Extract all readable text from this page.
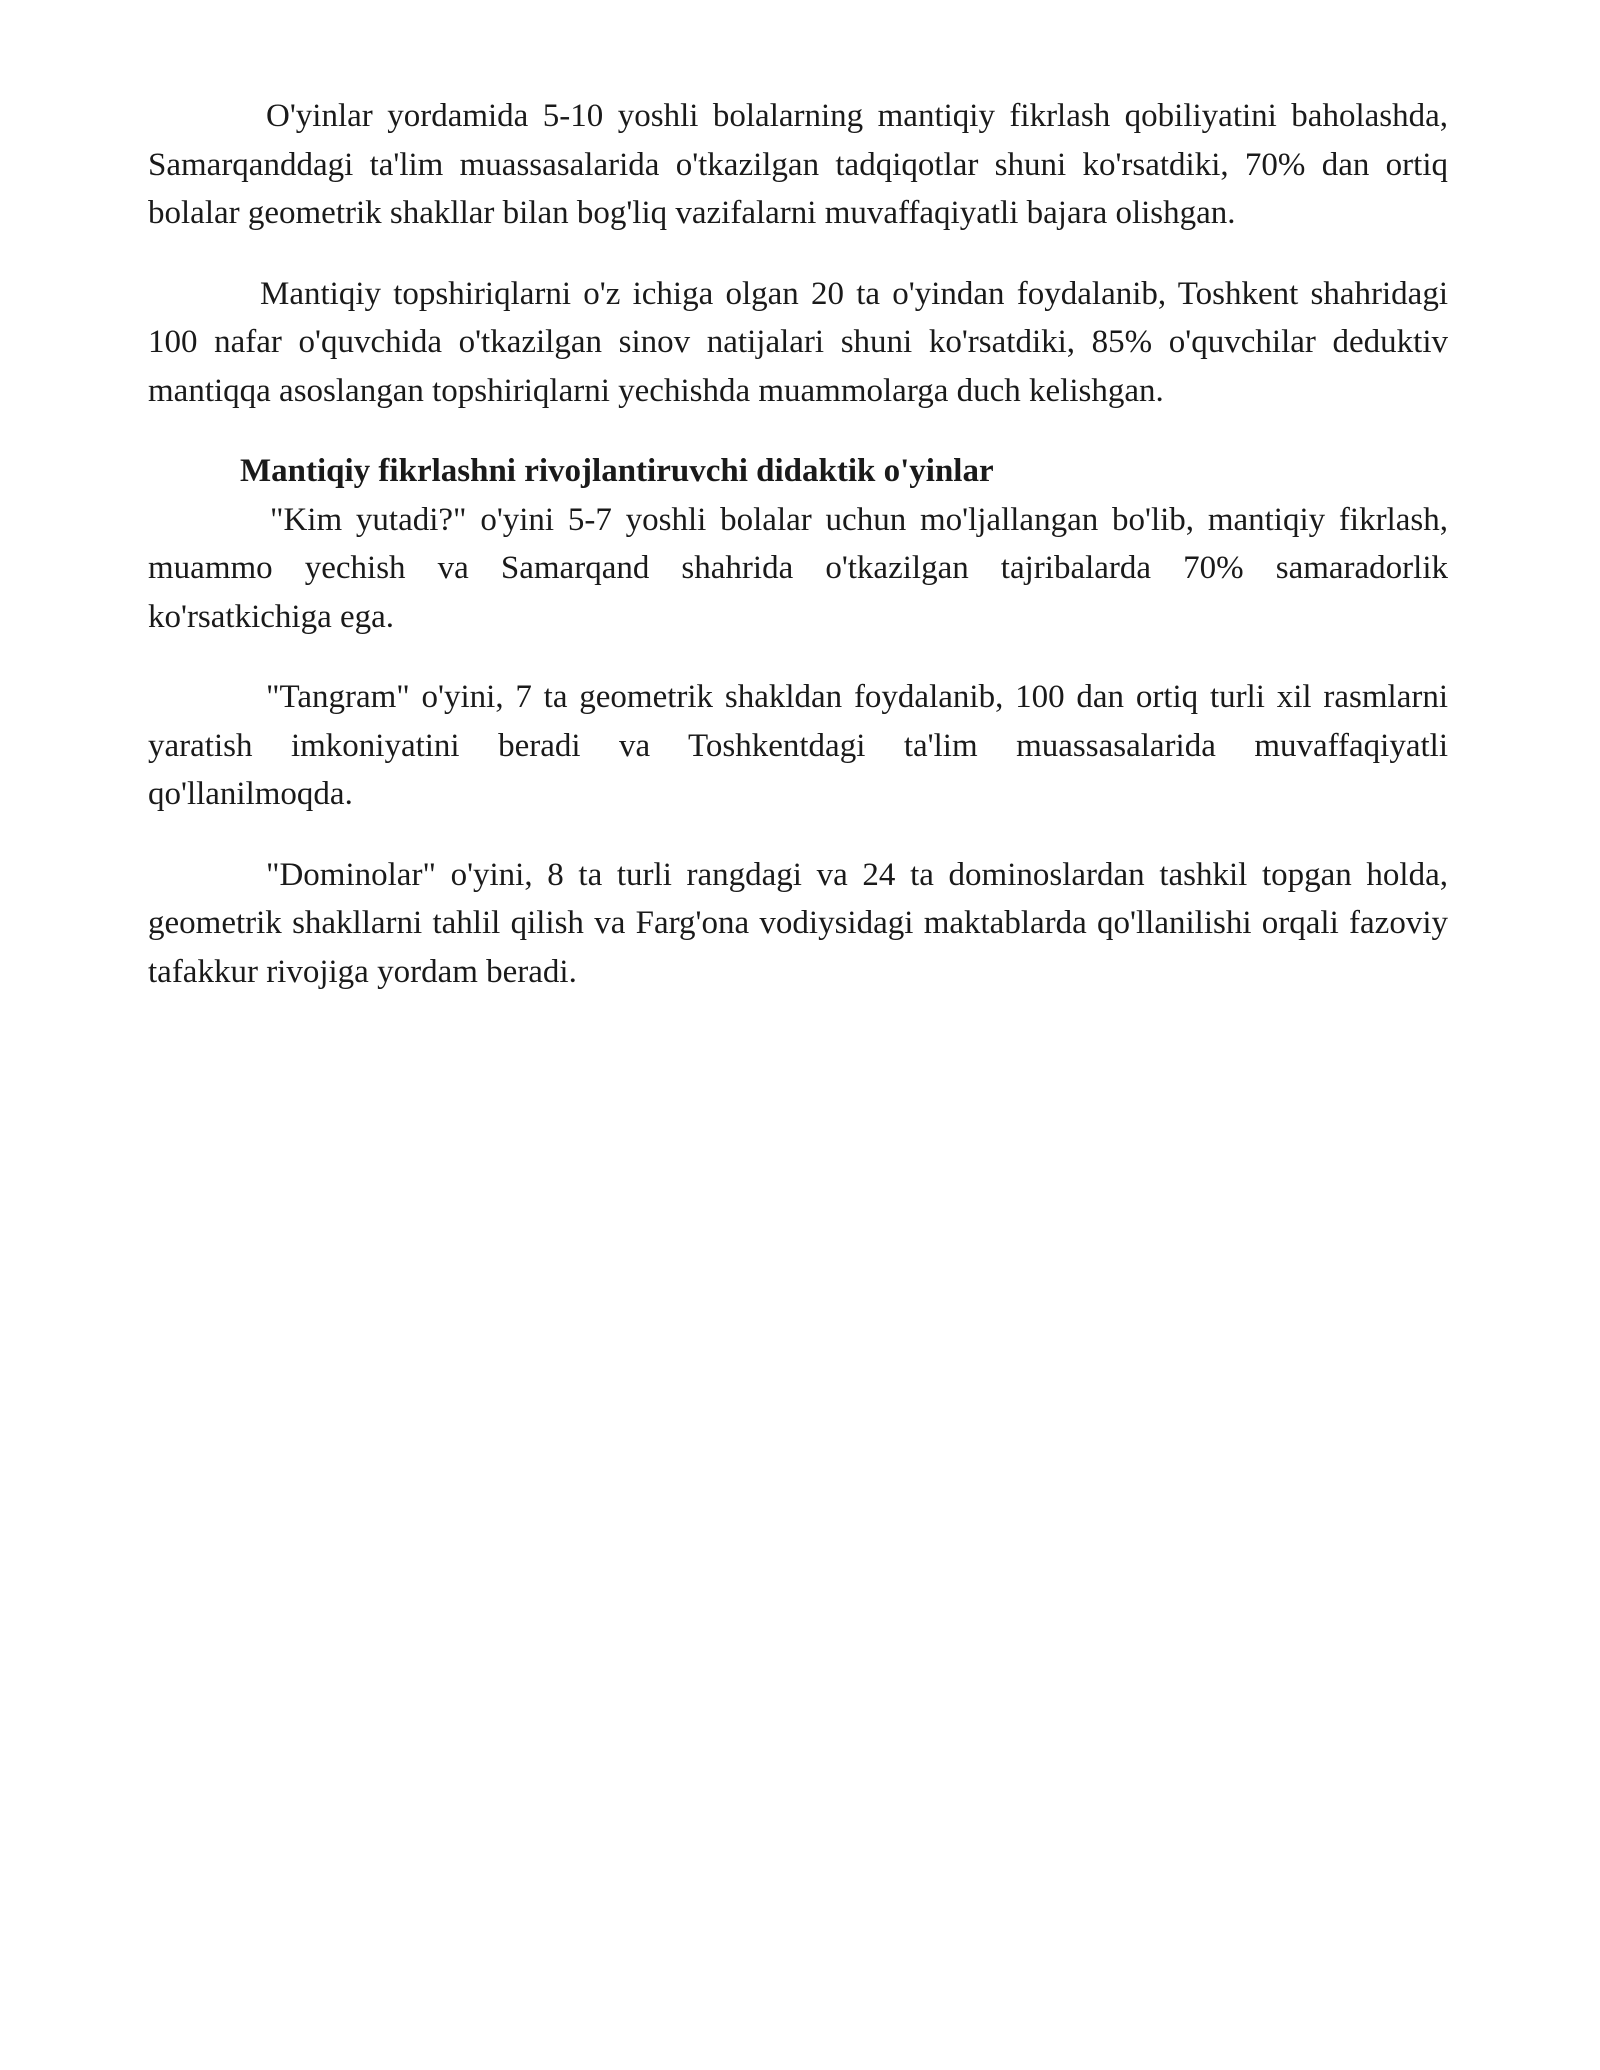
O'yinlar yordamida 5-10 yoshli bolalarning mantiqiy fikrlash qobiliyatini baholashda, Samarqanddagi ta'lim muassasalarida o'tkazilgan tadqiqotlar shuni ko'rsatdiki, 70% dan ortiq bolalar geometrik shakllar bilan bog'liq vazifalarni muvaffaqiyatli bajara olishgan.

Mantiqiy topshiriqlarni o'z ichiga olgan 20 ta o'yindan foydalanib, Toshkent shahridagi 100 nafar o'quvchida o'tkazilgan sinov natijalari shuni ko'rsatdiki, 85% o'quvchilar deduktiv mantiqqa asoslangan topshiriqlarni yechishda muammolarga duch kelishgan.

Mantiqiy fikrlashni rivojlantiruvchi didaktik o'yinlar

"Kim yutadi?" o'yini 5-7 yoshli bolalar uchun mo'ljallangan bo'lib, mantiqiy fikrlash, muammo yechish va Samarqand shahrida o'tkazilgan tajribalarda 70% samaradorlik ko'rsatkichiga ega.

"Tangram" o'yini, 7 ta geometrik shakldan foydalanib, 100 dan ortiq turli xil rasmlarni yaratish imkoniyatini beradi va Toshkentdagi ta'lim muassasalarida muvaffaqiyatli qo'llanilmoqda.

"Dominolar" o'yini, 8 ta turli rangdagi va 24 ta dominoslardan tashkil topgan holda, geometrik shakllarni tahlil qilish va Farg'ona vodiysidagi maktablarda qo'llanilishi orqali fazoviy tafakkur rivojiga yordam beradi.
